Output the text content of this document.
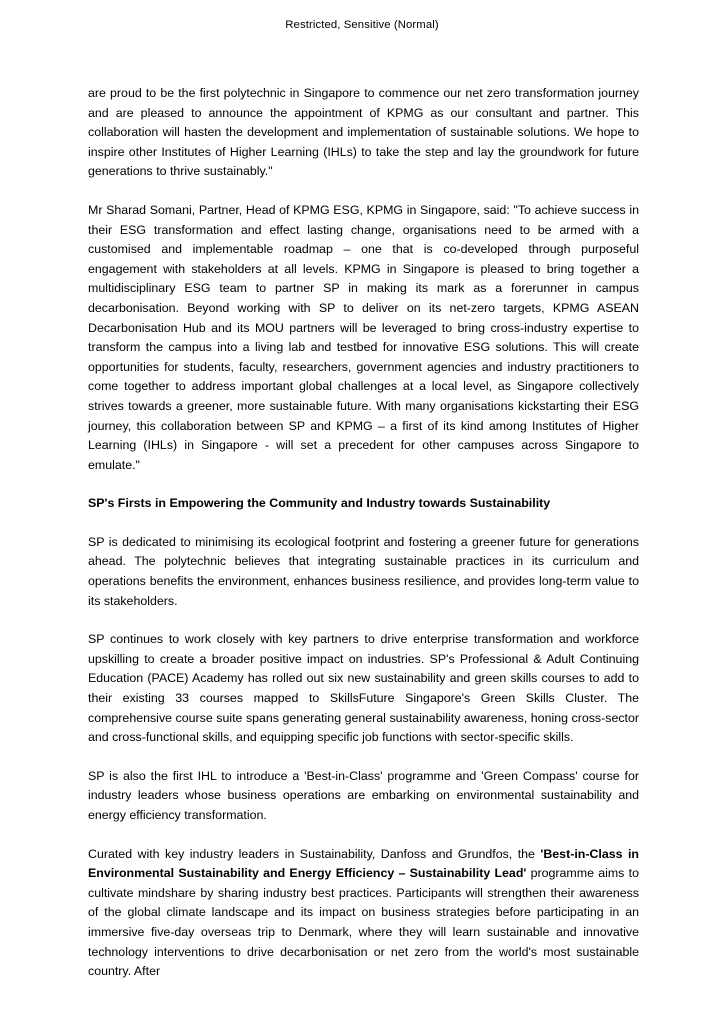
Restricted, Sensitive (Normal)

are proud to be the first polytechnic in Singapore to commence our net zero transformation journey and are pleased to announce the appointment of KPMG as our consultant and partner. This collaboration will hasten the development and implementation of sustainable solutions. We hope to inspire other Institutes of Higher Learning (IHLs) to take the step and lay the groundwork for future generations to thrive sustainably."

Mr Sharad Somani, Partner, Head of KPMG ESG, KPMG in Singapore, said: "To achieve success in their ESG transformation and effect lasting change, organisations need to be armed with a customised and implementable roadmap – one that is co-developed through purposeful engagement with stakeholders at all levels. KPMG in Singapore is pleased to bring together a multidisciplinary ESG team to partner SP in making its mark as a forerunner in campus decarbonisation. Beyond working with SP to deliver on its net-zero targets, KPMG ASEAN Decarbonisation Hub and its MOU partners will be leveraged to bring cross-industry expertise to transform the campus into a living lab and testbed for innovative ESG solutions. This will create opportunities for students, faculty, researchers, government agencies and industry practitioners to come together to address important global challenges at a local level, as Singapore collectively strives towards a greener, more sustainable future. With many organisations kickstarting their ESG journey, this collaboration between SP and KPMG – a first of its kind among Institutes of Higher Learning (IHLs) in Singapore - will set a precedent for other campuses across Singapore to emulate."

SP's Firsts in Empowering the Community and Industry towards Sustainability

SP is dedicated to minimising its ecological footprint and fostering a greener future for generations ahead. The polytechnic believes that integrating sustainable practices in its curriculum and operations benefits the environment, enhances business resilience, and provides long-term value to its stakeholders.

SP continues to work closely with key partners to drive enterprise transformation and workforce upskilling to create a broader positive impact on industries. SP's Professional & Adult Continuing Education (PACE) Academy has rolled out six new sustainability and green skills courses to add to their existing 33 courses mapped to SkillsFuture Singapore's Green Skills Cluster. The comprehensive course suite spans generating general sustainability awareness, honing cross-sector and cross-functional skills, and equipping specific job functions with sector-specific skills.

SP is also the first IHL to introduce a 'Best-in-Class' programme and 'Green Compass' course for industry leaders whose business operations are embarking on environmental sustainability and energy efficiency transformation.

Curated with key industry leaders in Sustainability, Danfoss and Grundfos, the 'Best-in-Class in Environmental Sustainability and Energy Efficiency – Sustainability Lead' programme aims to cultivate mindshare by sharing industry best practices. Participants will strengthen their awareness of the global climate landscape and its impact on business strategies before participating in an immersive five-day overseas trip to Denmark, where they will learn sustainable and innovative technology interventions to drive decarbonisation or net zero from the world's most sustainable country. After
